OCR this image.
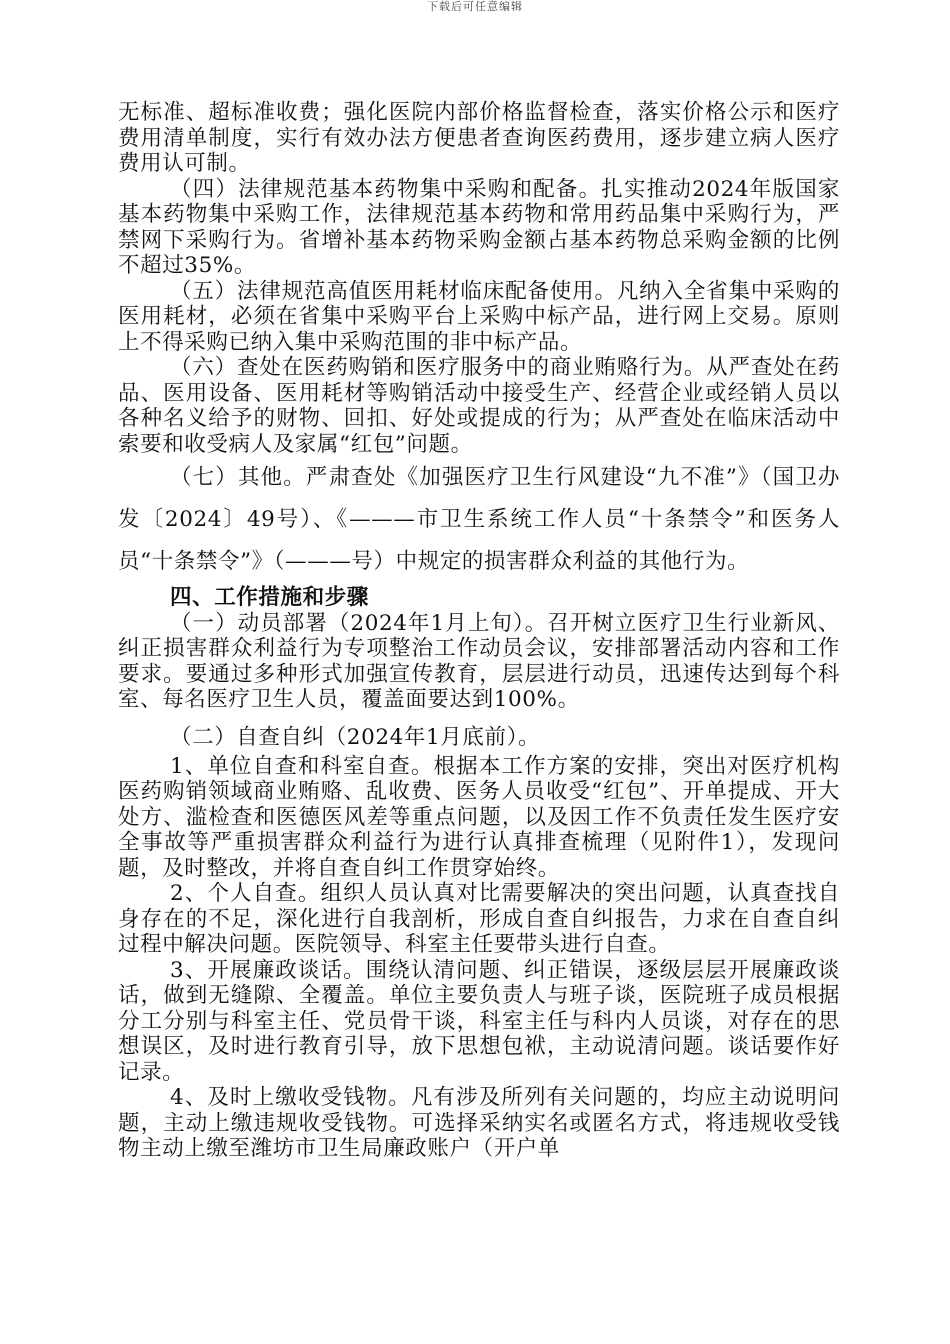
下载后可任意编辑

无标准、超标准收费；强化医院内部价格监督检查，落实价格公示和医疗费用清单制度，实行有效办法方便患者查询医药费用，逐步建立病人医疗费用认可制。

（四）法律规范基本药物集中采购和配备。扎实推动2024年版国家基本药物集中采购工作，法律规范基本药物和常用药品集中采购行为，严禁网下采购行为。省增补基本药物采购金额占基本药物总采购金额的比例不超过35%。

（五）法律规范高值医用耗材临床配备使用。凡纳入全省集中采购的医用耗材，必须在省集中采购平台上采购中标产品，进行网上交易。原则上不得采购已纳入集中采购范围的非中标产品。

（六）查处在医药购销和医疗服务中的商业贿赂行为。从严查处在药品、医用设备、医用耗材等购销活动中接受生产、经营企业或经销人员以各种名义给予的财物、回扣、好处或提成的行为；从严查处在临床活动中索要和收受病人及家属“红包”问题。

（七）其他。严肃查处《加强医疗卫生行风建设“九不准”》（国卫办发〔2024〕49号）、《———市卫生系统工作人员“十条禁令”和医务人员“十条禁令”》（———号）中规定的损害群众利益的其他行为。

四、工作措施和步骤

（一）动员部署（2024年1月上旬）。召开树立医疗卫生行业新风、纠正损害群众利益行为专项整治工作动员会议，安排部署活动内容和工作要求。要通过多种形式加强宣传教育，层层进行动员，迅速传达到每个科室、每名医疗卫生人员，覆盖面要达到100%。

（二）自查自纠（2024年1月底前）。

1、单位自查和科室自查。根据本工作方案的安排，突出对医疗机构医药购销领域商业贿赂、乱收费、医务人员收受“红包”、开单提成、开大处方、滥检查和医德医风差等重点问题，以及因工作不负责任发生医疗安全事故等严重损害群众利益行为进行认真排查梳理（见附件1），发现问题，及时整改，并将自查自纠工作贯穿始终。

2、个人自查。组织人员认真对比需要解决的突出问题，认真查找自身存在的不足，深化进行自我剖析，形成自查自纠报告，力求在自查自纠过程中解决问题。医院领导、科室主任要带头进行自查。

3、开展廉政谈话。围绕认清问题、纠正错误，逐级层层开展廉政谈话，做到无缝隙、全覆盖。单位主要负责人与班子谈，医院班子成员根据分工分别与科室主任、党员骨干谈，科室主任与科内人员谈，对存在的思想误区，及时进行教育引导，放下思想包袱，主动说清问题。谈话要作好记录。

4、及时上缴收受钱物。凡有涉及所列有关问题的，均应主动说明问题，主动上缴违规收受钱物。可选择采纳实名或匿名方式，将违规收受钱物主动上缴至潍坊市卫生局廉政账户（开户单
